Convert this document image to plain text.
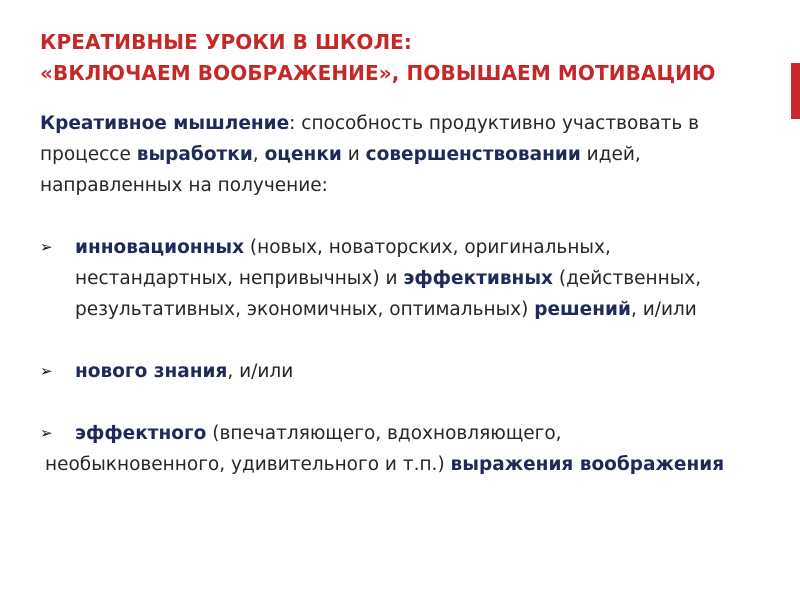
КРЕАТИВНЫЕ УРОКИ В ШКОЛЕ:
«ВКЛЮЧАЕМ ВООБРАЖЕНИЕ», ПОВЫШАЕМ МОТИВАЦИЮ

Креативное мышление: способность продуктивно участвовать в процессе выработки, оценки и совершенствовании идей, направленных на получение:

➢	инновационных (новых, новаторских, оригинальных, нестандартных, непривычных) и эффективных (действенных, результативных, экономичных, оптимальных) решений, и/или

➢	нового знания, и/или

➢	эффектного (впечатляющего, вдохновляющего,
необыкновенного, удивительного и т.п.) выражения воображения
